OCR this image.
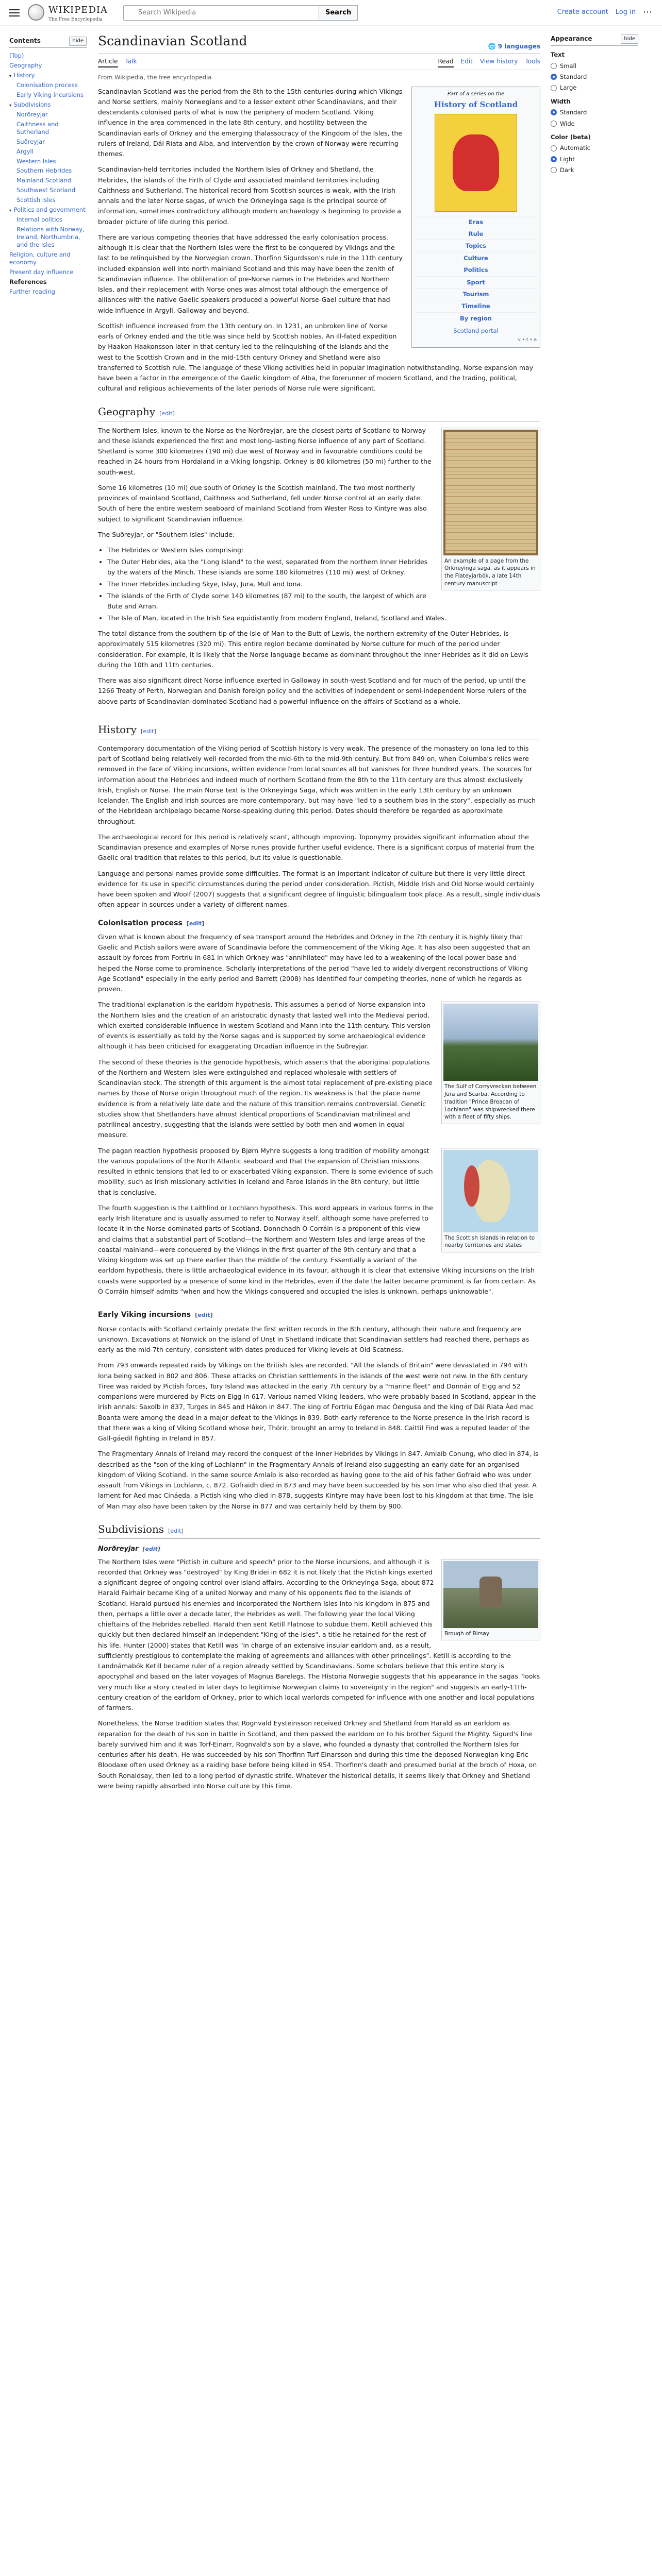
WIKIPEDIA
The Free Encyclopedia
Search Wikipedia
Search	Create account Log in ⋯
Contents	hide
(Top)
Geography
▾ History
Colonisation process
Early Viking incursions
▾ Subdivisions
Norðreyjar
Caithness and Sutherland
Suðreyjar
Argyll
Western Isles
Southern Hebrides
Mainland Scotland
Southwest Scotland
Scottish Isles
▾ Politics and government
Internal politics
Relations with Norway, Ireland, Northumbria, and the Isles
Religion, culture and economy
Present day influence
References
Further reading
Scandinavian Scotland	🌐 9 languages
Article Talk	Read Edit View history Tools
From Wikipedia, the free encyclopedia
Part of a series on the
History of Scotland
Eras
Rule
Topics
Culture
Politics
Sport
Tourism
Timeline
By region
Scotland portal
v • t • e

Scandinavian Scotland was the period from the 8th to the 15th centuries during which Vikings and Norse settlers, mainly Norwegians and to a lesser extent other Scandinavians, and their descendants colonised parts of what is now the periphery of modern Scotland. Viking influence in the area commenced in the late 8th century, and hostility between the Scandinavian earls of Orkney and the emerging thalassocracy of the Kingdom of the Isles, the rulers of Ireland, Dál Riata and Alba, and intervention by the crown of Norway were recurring themes.

Scandinavian-held territories included the Northern Isles of Orkney and Shetland, the Hebrides, the islands of the Firth of Clyde and associated mainland territories including Caithness and Sutherland. The historical record from Scottish sources is weak, with the Irish annals and the later Norse sagas, of which the Orkneyinga saga is the principal source of information, sometimes contradictory although modern archaeology is beginning to provide a broader picture of life during this period.

There are various competing theories that have addressed the early colonisation process, although it is clear that the Northern Isles were the first to be conquered by Vikings and the last to be relinquished by the Norwegian crown. Thorfinn Sigurdsson's rule in the 11th century included expansion well into north mainland Scotland and this may have been the zenith of Scandinavian influence. The obliteration of pre-Norse names in the Hebrides and Northern Isles, and their replacement with Norse ones was almost total although the emergence of alliances with the native Gaelic speakers produced a powerful Norse-Gael culture that had wide influence in Argyll, Galloway and beyond.

Scottish influence increased from the 13th century on. In 1231, an unbroken line of Norse earls of Orkney ended and the title was since held by Scottish nobles. An ill-fated expedition by Haakon Haakonsson later in that century led to the relinquishing of the islands and the west to the Scottish Crown and in the mid-15th century Orkney and Shetland were also transferred to Scottish rule. The language of these Viking activities held in popular imagination notwithstanding, Norse expansion may have been a factor in the emergence of the Gaelic kingdom of Alba, the forerunner of modern Scotland, and the trading, political, cultural and religious achievements of the later periods of Norse rule were significant.

Geography [edit]
An example of a page from the Orkneyinga saga, as it appears in the Flateyjarbók, a late 14th century manuscript

The Northern Isles, known to the Norse as the Norðreyjar, are the closest parts of Scotland to Norway and these islands experienced the first and most long-lasting Norse influence of any part of Scotland. Shetland is some 300 kilometres (190 mi) due west of Norway and in favourable conditions could be reached in 24 hours from Hordaland in a Viking longship. Orkney is 80 kilometres (50 mi) further to the south-west.

Some 16 kilometres (10 mi) due south of Orkney is the Scottish mainland. The two most northerly provinces of mainland Scotland, Caithness and Sutherland, fell under Norse control at an early date. South of here the entire western seaboard of mainland Scotland from Wester Ross to Kintyre was also subject to significant Scandinavian influence.

The Suðreyjar, or "Southern isles" include:

• The Hebrides or Western Isles comprising:
• The Outer Hebrides, aka the "Long Island" to the west, separated from the northern Inner Hebrides by the waters of the Minch. These islands are some 180 kilometres (110 mi) west of Orkney.
• The Inner Hebrides including Skye, Islay, Jura, Mull and Iona.
• The islands of the Firth of Clyde some 140 kilometres (87 mi) to the south, the largest of which are Bute and Arran.
• The Isle of Man, located in the Irish Sea equidistantly from modern England, Ireland, Scotland and Wales.

The total distance from the southern tip of the Isle of Man to the Butt of Lewis, the northern extremity of the Outer Hebrides, is approximately 515 kilometres (320 mi). This entire region became dominated by Norse culture for much of the period under consideration. For example, it is likely that the Norse language became as dominant throughout the Inner Hebrides as it did on Lewis during the 10th and 11th centuries.

There was also significant direct Norse influence exerted in Galloway in south-west Scotland and for much of the period, up until the 1266 Treaty of Perth, Norwegian and Danish foreign policy and the activities of independent or semi-independent Norse rulers of the above parts of Scandinavian-dominated Scotland had a powerful influence on the affairs of Scotland as a whole.

History [edit]

Contemporary documentation of the Viking period of Scottish history is very weak. The presence of the monastery on Iona led to this part of Scotland being relatively well recorded from the mid-6th to the mid-9th century. But from 849 on, when Columba's relics were removed in the face of Viking incursions, written evidence from local sources all but vanishes for three hundred years. The sources for information about the Hebrides and indeed much of northern Scotland from the 8th to the 11th century are thus almost exclusively Irish, English or Norse. The main Norse text is the Orkneyinga Saga, which was written in the early 13th century by an unknown Icelander. The English and Irish sources are more contemporary, but may have "led to a southern bias in the story", especially as much of the Hebridean archipelago became Norse-speaking during this period. Dates should therefore be regarded as approximate throughout.

The archaeological record for this period is relatively scant, although improving. Toponymy provides significant information about the Scandinavian presence and examples of Norse runes provide further useful evidence. There is a significant corpus of material from the Gaelic oral tradition that relates to this period, but its value is questionable.

Language and personal names provide some difficulties. The format is an important indicator of culture but there is very little direct evidence for its use in specific circumstances during the period under consideration. Pictish, Middle Irish and Old Norse would certainly have been spoken and Woolf (2007) suggests that a significant degree of linguistic bilingualism took place. As a result, single individuals often appear in sources under a variety of different names.

Colonisation process [edit]

Given what is known about the frequency of sea transport around the Hebrides and Orkney in the 7th century it is highly likely that Gaelic and Pictish sailors were aware of Scandinavia before the commencement of the Viking Age. It has also been suggested that an assault by forces from Fortriu in 681 in which Orkney was "annihilated" may have led to a weakening of the local power base and helped the Norse come to prominence. Scholarly interpretations of the period "have led to widely divergent reconstructions of Viking Age Scotland" especially in the early period and Barrett (2008) has identified four competing theories, none of which he regards as proven.

The Sulf of Corryvreckan between Jura and Scarba. According to tradition "Prince Breacan of Lochlann" was shipwrecked there with a fleet of fifty ships.

The traditional explanation is the earldom hypothesis. This assumes a period of Norse expansion into the Northern Isles and the creation of an aristocratic dynasty that lasted well into the Medieval period, which exerted considerable influence in western Scotland and Mann into the 11th century. This version of events is essentially as told by the Norse sagas and is supported by some archaeological evidence although it has been criticised for exaggerating Orcadian influence in the Suðreyjar.

The second of these theories is the genocide hypothesis, which asserts that the aboriginal populations of the Northern and Western Isles were extinguished and replaced wholesale with settlers of Scandinavian stock. The strength of this argument is the almost total replacement of pre-existing place names by those of Norse origin throughout much of the region. Its weakness is that the place name evidence is from a relatively late date and the nature of this transition remains controversial. Genetic studies show that Shetlanders have almost identical proportions of Scandinavian matrilineal and patrilineal ancestry, suggesting that the islands were settled by both men and women in equal measure.

The Scottish islands in relation to nearby territories and states

The pagan reaction hypothesis proposed by Bjørn Myhre suggests a long tradition of mobility amongst the various populations of the North Atlantic seaboard and that the expansion of Christian missions resulted in ethnic tensions that led to or exacerbated Viking expansion. There is some evidence of such mobility, such as Irish missionary activities in Iceland and Faroe Islands in the 8th century, but little that is conclusive.

The fourth suggestion is the Laithlind or Lochlann hypothesis. This word appears in various forms in the early Irish literature and is usually assumed to refer to Norway itself, although some have preferred to locate it in the Norse-dominated parts of Scotland. Donnchadh Ó Corráin is a proponent of this view and claims that a substantial part of Scotland—the Northern and Western Isles and large areas of the coastal mainland—were conquered by the Vikings in the first quarter of the 9th century and that a Viking kingdom was set up there earlier than the middle of the century. Essentially a variant of the earldom hypothesis, there is little archaeological evidence in its favour, although it is clear that extensive Viking incursions on the Irish coasts were supported by a presence of some kind in the Hebrides, even if the date the latter became prominent is far from certain. As Ó Corráin himself admits "when and how the Vikings conquered and occupied the isles is unknown, perhaps unknowable".

Early Viking incursions [edit]

Norse contacts with Scotland certainly predate the first written records in the 8th century, although their nature and frequency are unknown. Excavations at Norwick on the island of Unst in Shetland indicate that Scandinavian settlers had reached there, perhaps as early as the mid-7th century, consistent with dates produced for Viking levels at Old Scatness.

From 793 onwards repeated raids by Vikings on the British Isles are recorded. "All the islands of Britain" were devastated in 794 with Iona being sacked in 802 and 806. These attacks on Christian settlements in the islands of the west were not new. In the 6th century Tiree was raided by Pictish forces, Tory Island was attacked in the early 7th century by a "marine fleet" and Donnán of Eigg and 52 companions were murdered by Picts on Eigg in 617. Various named Viking leaders, who were probably based in Scotland, appear in the Irish annals: Saxolb in 837, Turges in 845 and Hákon in 847. The king of Fortriu Eógan mac Óengusa and the king of Dál Riata Áed mac Boanta were among the dead in a major defeat to the Vikings in 839. Both early reference to the Norse presence in the Irish record is that there was a king of Viking Scotland whose heir, Thórir, brought an army to Ireland in 848. Caittil Find was a reputed leader of the Gall-gáedil fighting in Ireland in 857.

The Fragmentary Annals of Ireland may record the conquest of the Inner Hebrides by Vikings in 847. Amlaíb Conung, who died in 874, is described as the "son of the king of Lochlann" in the Fragmentary Annals of Ireland also suggesting an early date for an organised kingdom of Viking Scotland. In the same source Amlaíb is also recorded as having gone to the aid of his father Gofraid who was under assault from Vikings in Lochlann, c. 872. Gofraidh died in 873 and may have been succeeded by his son Ímar who also died that year. A lament for Áed mac Cináeda, a Pictish king who died in 878, suggests Kintyre may have been lost to his kingdom at that time. The Isle of Man may also have been taken by the Norse in 877 and was certainly held by them by 900.

Subdivisions [edit]
Norðreyjar [edit]
Brough of Birsay

The Northern Isles were "Pictish in culture and speech" prior to the Norse incursions, and although it is recorded that Orkney was "destroyed" by King Bridei in 682 it is not likely that the Pictish kings exerted a significant degree of ongoing control over island affairs. According to the Orkneyinga Saga, about 872 Harald Fairhair became King of a united Norway and many of his opponents fled to the islands of Scotland. Harald pursued his enemies and incorporated the Northern Isles into his kingdom in 875 and then, perhaps a little over a decade later, the Hebrides as well. The following year the local Viking chieftains of the Hebrides rebelled. Harald then sent Ketill Flatnose to subdue them. Ketill achieved this quickly but then declared himself an independent "King of the Isles", a title he retained for the rest of his life. Hunter (2000) states that Ketill was "in charge of an extensive insular earldom and, as a result, sufficiently prestigious to contemplate the making of agreements and alliances with other princelings". Ketill is according to the Landnámabók Ketill became ruler of a region already settled by Scandinavians. Some scholars believe that this entire story is apocryphal and based on the later voyages of Magnus Barelegs. The Historia Norwegie suggests that his appearance in the sagas "looks very much like a story created in later days to legitimise Norwegian claims to sovereignty in the region" and suggests an early-11th-century creation of the earldom of Orkney, prior to which local warlords competed for influence with one another and local populations of farmers.

Nonetheless, the Norse tradition states that Rognvald Eysteinsson received Orkney and Shetland from Harald as an earldom as reparation for the death of his son in battle in Scotland, and then passed the earldom on to his brother Sigurd the Mighty. Sigurd's line barely survived him and it was Torf-Einarr, Rognvald's son by a slave, who founded a dynasty that controlled the Northern Isles for centuries after his death. He was succeeded by his son Thorfinn Turf-Einarsson and during this time the deposed Norwegian king Eric Bloodaxe often used Orkney as a raiding base before being killed in 954. Thorfinn's death and presumed burial at the broch of Hoxa, on South Ronaldsay, then led to a long period of dynastic strife. Whatever the historical details, it seems likely that Orkney and Shetland were being rapidly absorbed into Norse culture by this time.

Appearance	hide
Text
Small
Standard
Large
Width
Standard
Wide
Color (beta)
Automatic
Light
Dark
